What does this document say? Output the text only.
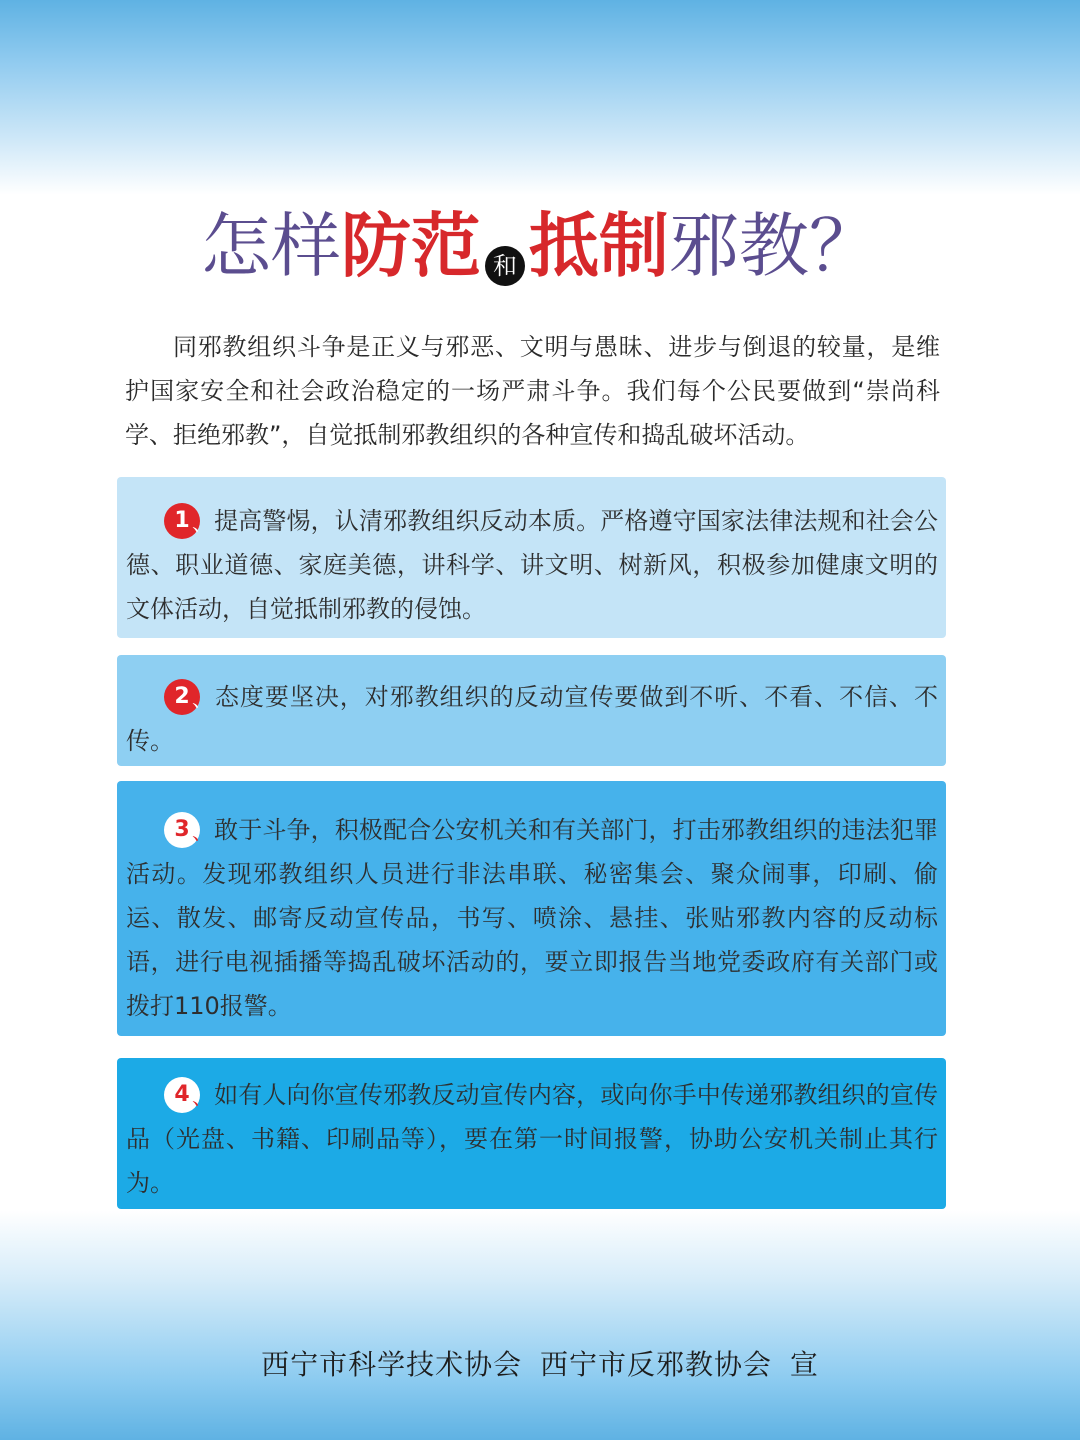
怎样防范 和 抵制邪教？

同邪教组织斗争是正义与邪恶、文明与愚昧、进步与倒退的较量，是维护国家安全和社会政治稳定的一场严肃斗争。我们每个公民要做到“崇尚科学、拒绝邪教”，自觉抵制邪教组织的各种宣传和捣乱破坏活动。

1 、 提高警惕，认清邪教组织反动本质。严格遵守国家法律法规和社会公德、职业道德、家庭美德，讲科学、讲文明、树新风，积极参加健康文明的文体活动，自觉抵制邪教的侵蚀。
2 、 态度要坚决，对邪教组织的反动宣传要做到不听、不看、不信、不传。
3 、 敢于斗争，积极配合公安机关和有关部门，打击邪教组织的违法犯罪活动。发现邪教组织人员进行非法串联、秘密集会、聚众闹事，印刷、偷运、散发、邮寄反动宣传品，书写、喷涂、悬挂、张贴邪教内容的反动标语，进行电视插播等捣乱破坏活动的，要立即报告当地党委政府有关部门或拨打110报警。
4 、 如有人向你宣传邪教反动宣传内容，或向你手中传递邪教组织的宣传品（光盘、书籍、印刷品等），要在第一时间报警，协助公安机关制止其行为。
西宁市科学技术协会 西宁市反邪教协会 宣
